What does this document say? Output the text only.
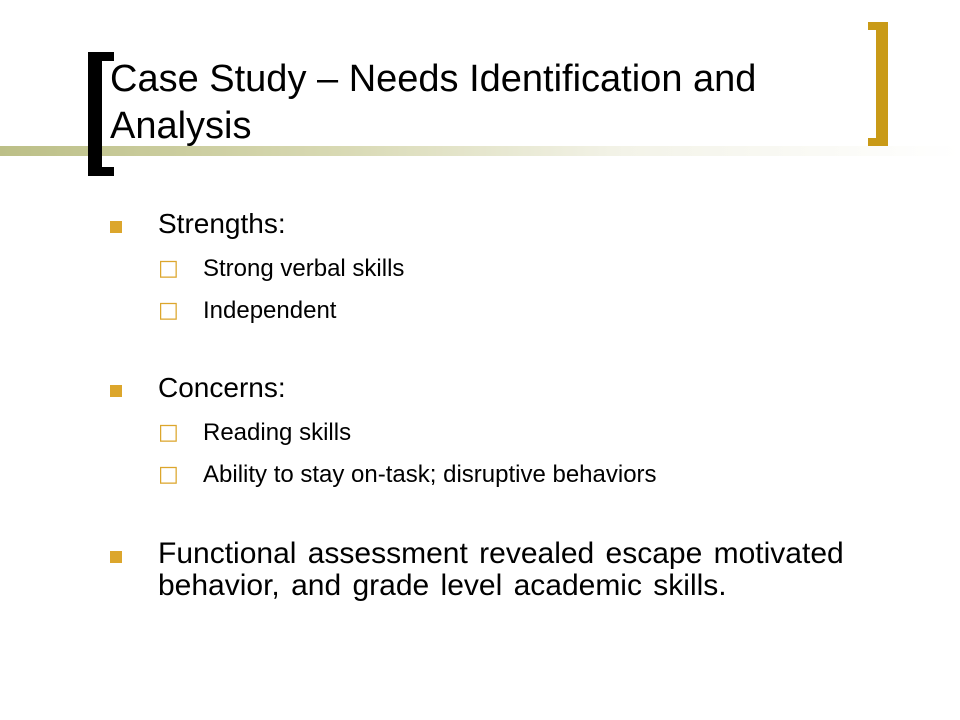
Case Study – Needs Identification and Analysis
Strengths:
□ Strong verbal skills
□ Independent
Concerns:
□ Reading skills
□ Ability to stay on-task; disruptive behaviors
Functional assessment revealed escape motivated behavior, and grade level academic skills.
